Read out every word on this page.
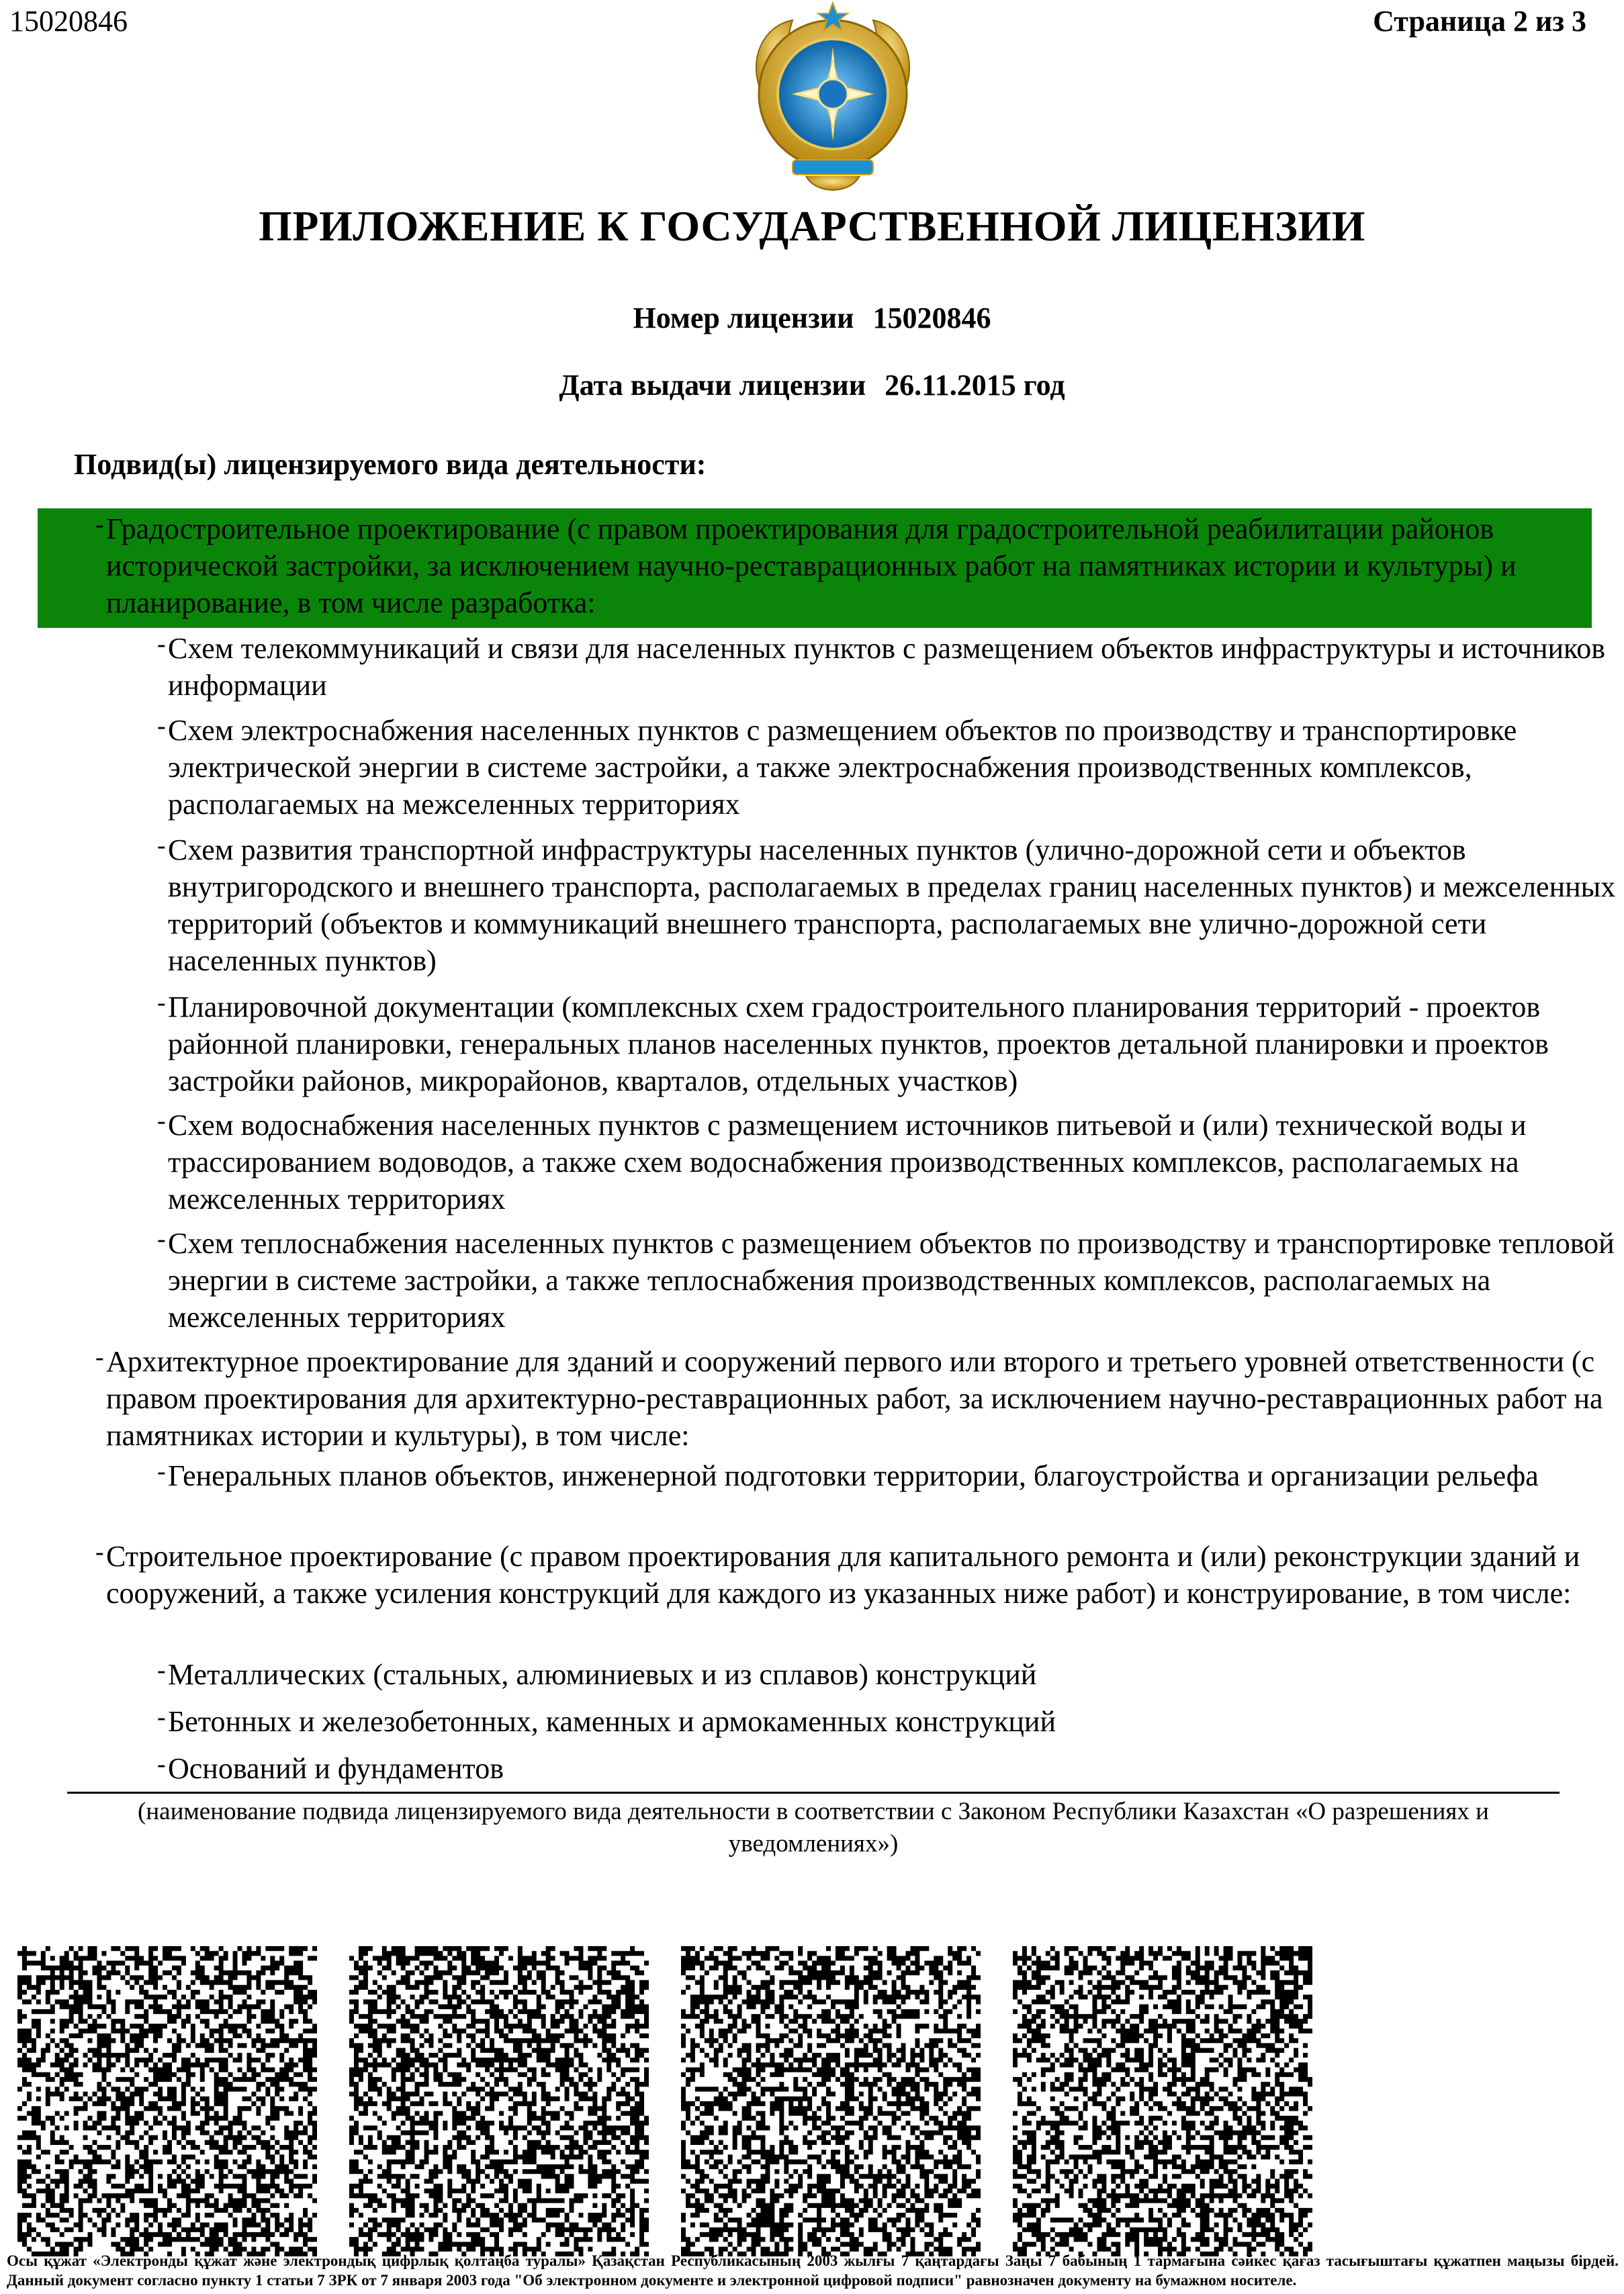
15020846	Страница 2 из 3
ПРИЛОЖЕНИЕ К ГОСУДАРСТВЕННОЙ ЛИЦЕНЗИИ
Номер лицензии 15020846
Дата выдачи лицензии 26.11.2015 год
Подвид(ы) лицензируемого вида деятельности:
- Градостроительное проектирование (с правом проектирования для градостроительной реабилитации районов исторической застройки, за исключением научно-реставрационных работ на памятниках истории и культуры) и планирование, в том числе разработка:
- Схем телекоммуникаций и связи для населенных пунктов с размещением объектов инфраструктуры и источников информации
- Схем электроснабжения населенных пунктов с размещением объектов по производству и транспортировке электрической энергии в системе застройки, а также электроснабжения производственных комплексов, располагаемых на межселенных территориях
- Схем развития транспортной инфраструктуры населенных пунктов (улично-дорожной сети и объектов внутригородского и внешнего транспорта, располагаемых в пределах границ населенных пунктов) и межселенных территорий (объектов и коммуникаций внешнего транспорта, располагаемых вне улично-дорожной сети населенных пунктов)
- Планировочной документации (комплексных схем градостроительного планирования территорий - проектов районной планировки, генеральных планов населенных пунктов, проектов детальной планировки и проектов застройки районов, микрорайонов, кварталов, отдельных участков)
- Схем водоснабжения населенных пунктов с размещением источников питьевой и (или) технической воды и трассированием водоводов, а также схем водоснабжения производственных комплексов, располагаемых на межселенных территориях
- Схем теплоснабжения населенных пунктов с размещением объектов по производству и транспортировке тепловой энергии в системе застройки, а также теплоснабжения производственных комплексов, располагаемых на межселенных территориях
- Архитектурное проектирование для зданий и сооружений первого или второго и третьего уровней ответственности (с правом проектирования для архитектурно-реставрационных работ, за исключением научно-реставрационных работ на памятниках истории и культуры), в том числе:
- Генеральных планов объектов, инженерной подготовки территории, благоустройства и организации рельефа
- Строительное проектирование (с правом проектирования для капитального ремонта и (или) реконструкции зданий и сооружений, а также усиления конструкций для каждого из указанных ниже работ) и конструирование, в том числе:
- Металлических (стальных, алюминиевых и из сплавов) конструкций
- Бетонных и железобетонных, каменных и армокаменных конструкций
- Оснований и фундаментов
(наименование подвида лицензируемого вида деятельности в соответствии с Законом Республики Казахстан «О разрешениях и уведомлениях»)
Осы құжат «Электронды құжат және электрондық цифрлық қолтаңба туралы» Қазақстан Республикасының 2003 жылғы 7 қаңтардағы Заңы 7 бабының 1 тармағына сәйкес қағаз тасығыштағы құжатпен маңызы бірдей. Данный документ согласно пункту 1 статьи 7 ЗРК от 7 января 2003 года "Об электронном документе и электронной цифровой подписи" равнозначен документу на бумажном носителе.
